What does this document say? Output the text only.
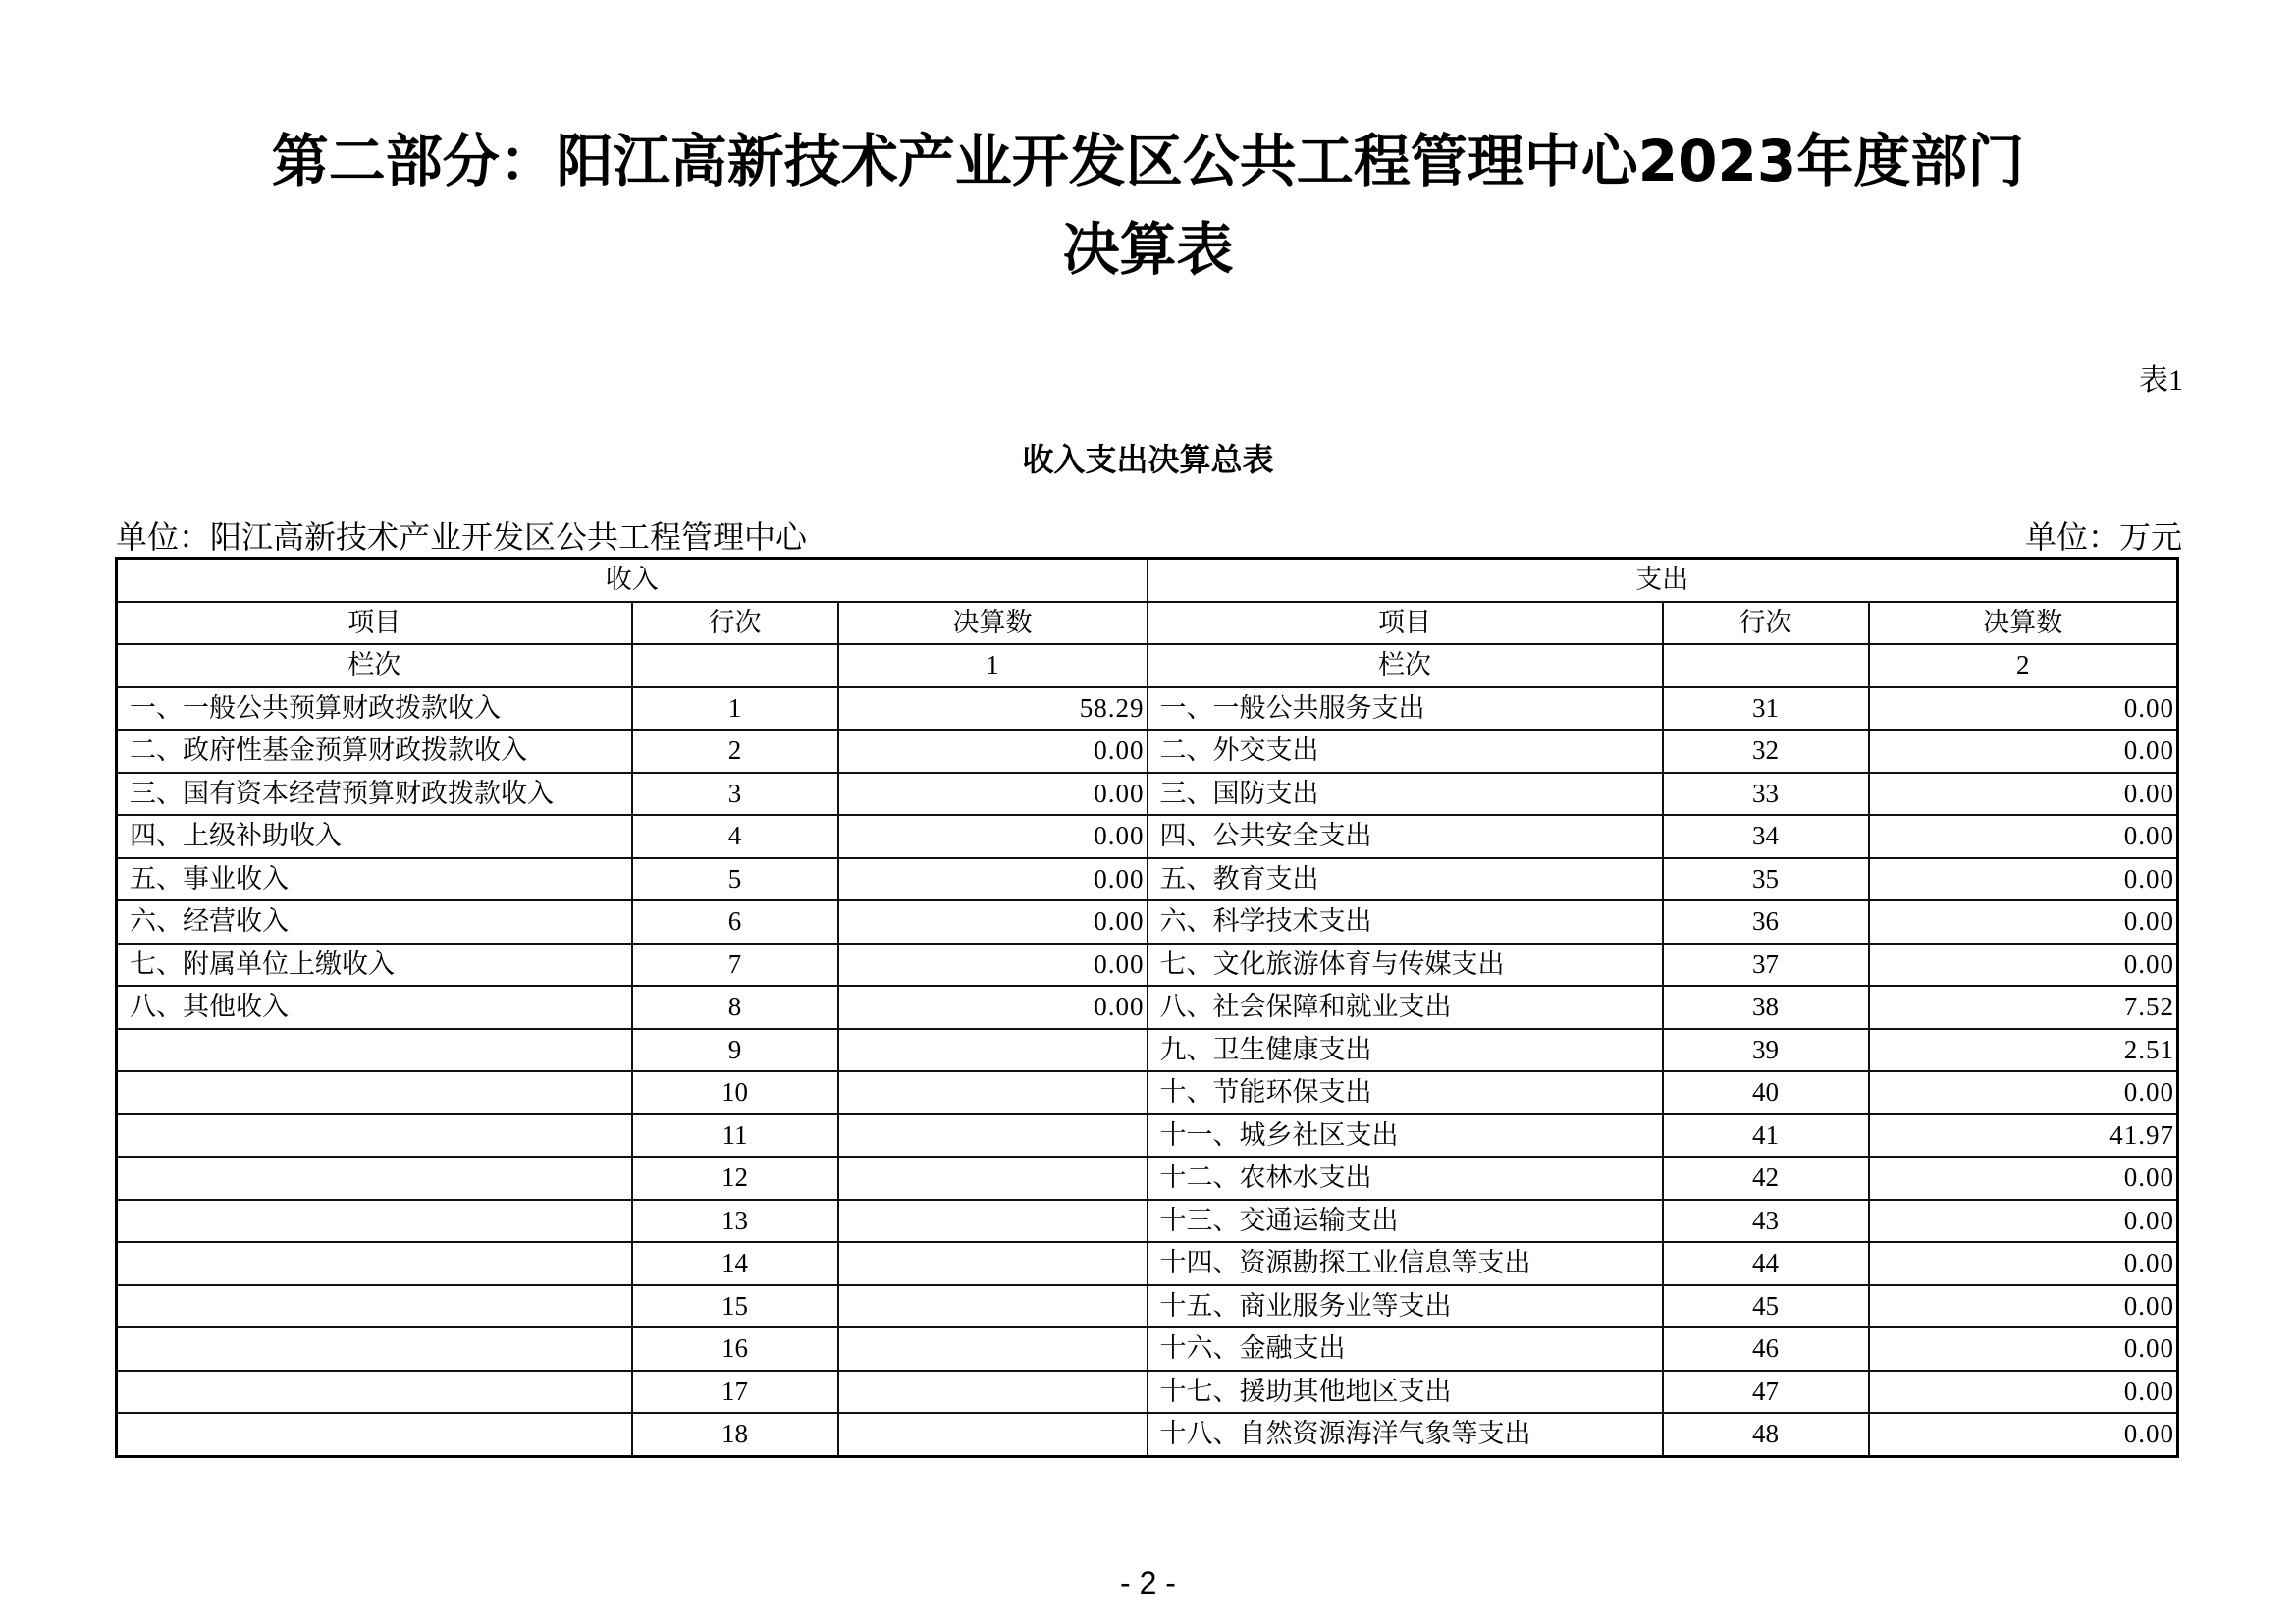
第二部分：阳江高新技术产业开发区公共工程管理中心2023年度部门
决算表
表1
收入支出决算总表
单位：阳江高新技术产业开发区公共工程管理中心	单位：万元
收入			支出		
项目	行次	决算数	项目	行次	决算数
栏次		1	栏次		2
一、一般公共预算财政拨款收入	1	58.29	一、一般公共服务支出	31	0.00
二、政府性基金预算财政拨款收入	2	0.00	二、外交支出	32	0.00
三、国有资本经营预算财政拨款收入	3	0.00	三、国防支出	33	0.00
四、上级补助收入	4	0.00	四、公共安全支出	34	0.00
五、事业收入	5	0.00	五、教育支出	35	0.00
六、经营收入	6	0.00	六、科学技术支出	36	0.00
七、附属单位上缴收入	7	0.00	七、文化旅游体育与传媒支出	37	0.00
八、其他收入	8	0.00	八、社会保障和就业支出	38	7.52
	9		九、卫生健康支出	39	2.51
	10		十、节能环保支出	40	0.00
	11		十一、城乡社区支出	41	41.97
	12		十二、农林水支出	42	0.00
	13		十三、交通运输支出	43	0.00
	14		十四、资源勘探工业信息等支出	44	0.00
	15		十五、商业服务业等支出	45	0.00
	16		十六、金融支出	46	0.00
	17		十七、援助其他地区支出	47	0.00
	18		十八、自然资源海洋气象等支出	48	0.00
- 2 -
